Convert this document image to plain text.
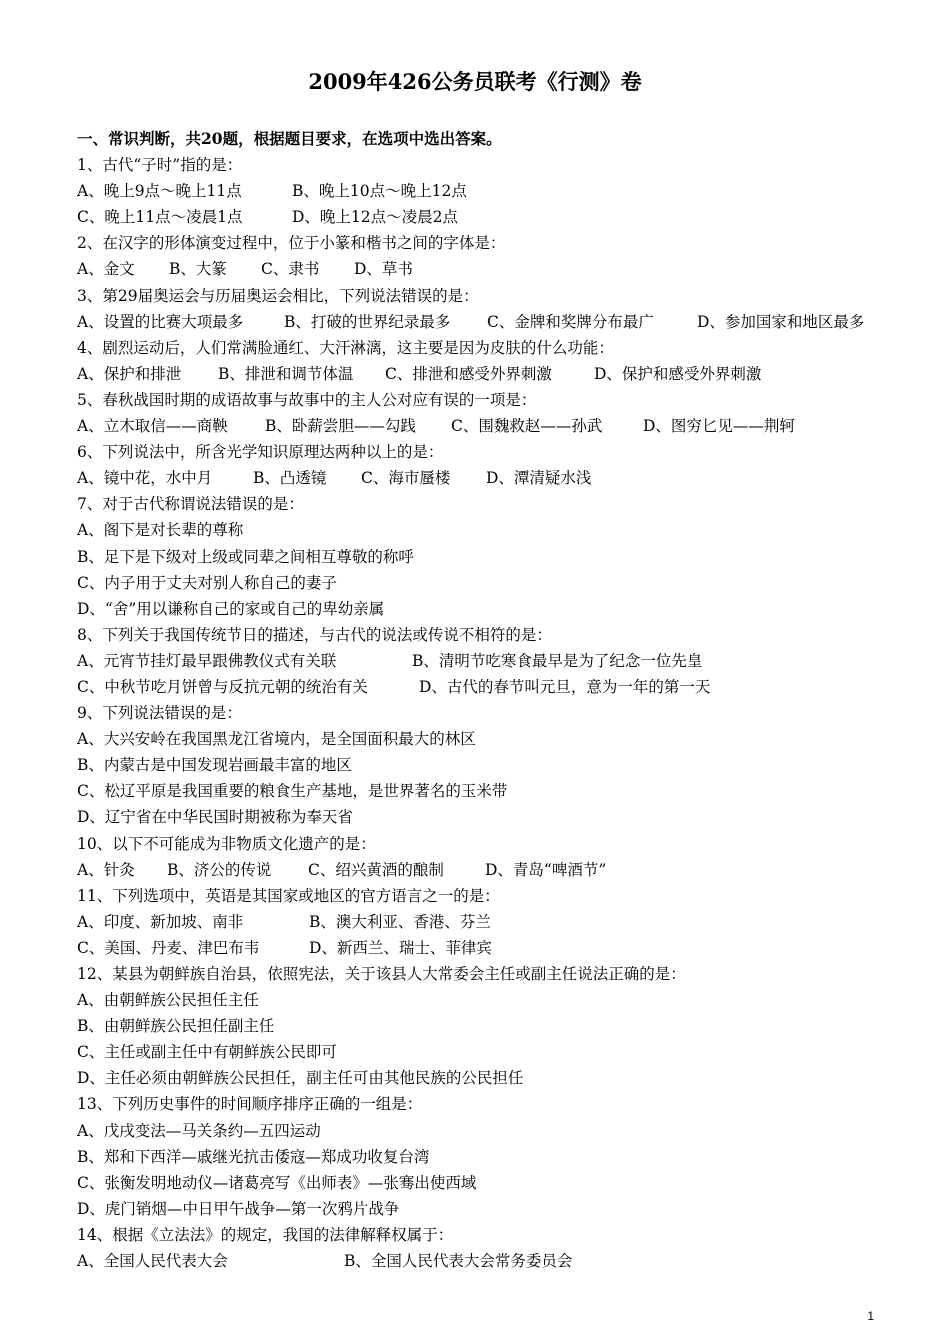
2009年426公务员联考《行测》卷
一、常识判断，共20题，根据题目要求，在选项中选出答案。
1、古代“子时”指的是：
A、晚上9点～晚上11点	B、晚上10点～晚上12点
C、晚上11点～凌晨1点	D、晚上12点～凌晨2点
2、在汉字的形体演变过程中，位于小篆和楷书之间的字体是：
A、金文 B、大篆 C、隶书 D、草书
3、第29届奥运会与历届奥运会相比，下列说法错误的是：
A、设置的比赛大项最多	B、打破的世界纪录最多 C、金牌和奖牌分布最广	D、参加国家和地区最多
4、剧烈运动后，人们常满脸通红、大汗淋漓，这主要是因为皮肤的什么功能：
A、保护和排泄 B、排泄和调节体温 C、排泄和感受外界刺激	D、保护和感受外界刺激
5、春秋战国时期的成语故事与故事中的主人公对应有误的一项是：
A、立木取信——商鞅 B、卧薪尝胆——勾践 C、围魏救赵——孙武	D、图穷匕见——荆轲
6、下列说法中，所含光学知识原理达两种以上的是：
A、镜中花，水中月	B、凸透镜 C、海市蜃楼 D、潭清疑水浅
7、对于古代称谓说法错误的是：
A、阁下是对长辈的尊称
B、足下是下级对上级或同辈之间相互尊敬的称呼
C、内子用于丈夫对别人称自己的妻子
D、“舍”用以谦称自己的家或自己的卑幼亲属
8、下列关于我国传统节日的描述，与古代的说法或传说不相符的是：
A、元宵节挂灯最早跟佛教仪式有关联	B、清明节吃寒食最早是为了纪念一位先皇
C、中秋节吃月饼曾与反抗元朝的统治有关	D、古代的春节叫元旦，意为一年的第一天
9、下列说法错误的是：
A、大兴安岭在我国黑龙江省境内，是全国面积最大的林区
B、内蒙古是中国发现岩画最丰富的地区
C、松辽平原是我国重要的粮食生产基地，是世界著名的玉米带
D、辽宁省在中华民国时期被称为奉天省
10、以下不可能成为非物质文化遗产的是：
A、针灸 B、济公的传说 C、绍兴黄酒的酿制	D、青岛“啤酒节”
11、下列选项中，英语是其国家或地区的官方语言之一的是：
A、印度、新加坡、南非	B、澳大利亚、香港、芬兰
C、美国、丹麦、津巴布韦	D、新西兰、瑞士、菲律宾
12、某县为朝鲜族自治县，依照宪法，关于该县人大常委会主任或副主任说法正确的是：
A、由朝鲜族公民担任主任
B、由朝鲜族公民担任副主任
C、主任或副主任中有朝鲜族公民即可
D、主任必须由朝鲜族公民担任，副主任可由其他民族的公民担任
13、下列历史事件的时间顺序排序正确的一组是：
A、戊戌变法—马关条约—五四运动
B、郑和下西洋—戚继光抗击倭寇—郑成功收复台湾
C、张衡发明地动仪—诸葛亮写《出师表》—张骞出使西域
D、虎门销烟—中日甲午战争—第一次鸦片战争
14、根据《立法法》的规定，我国的法律解释权属于：
A、全国人民代表大会	B、全国人民代表大会常务委员会
1
